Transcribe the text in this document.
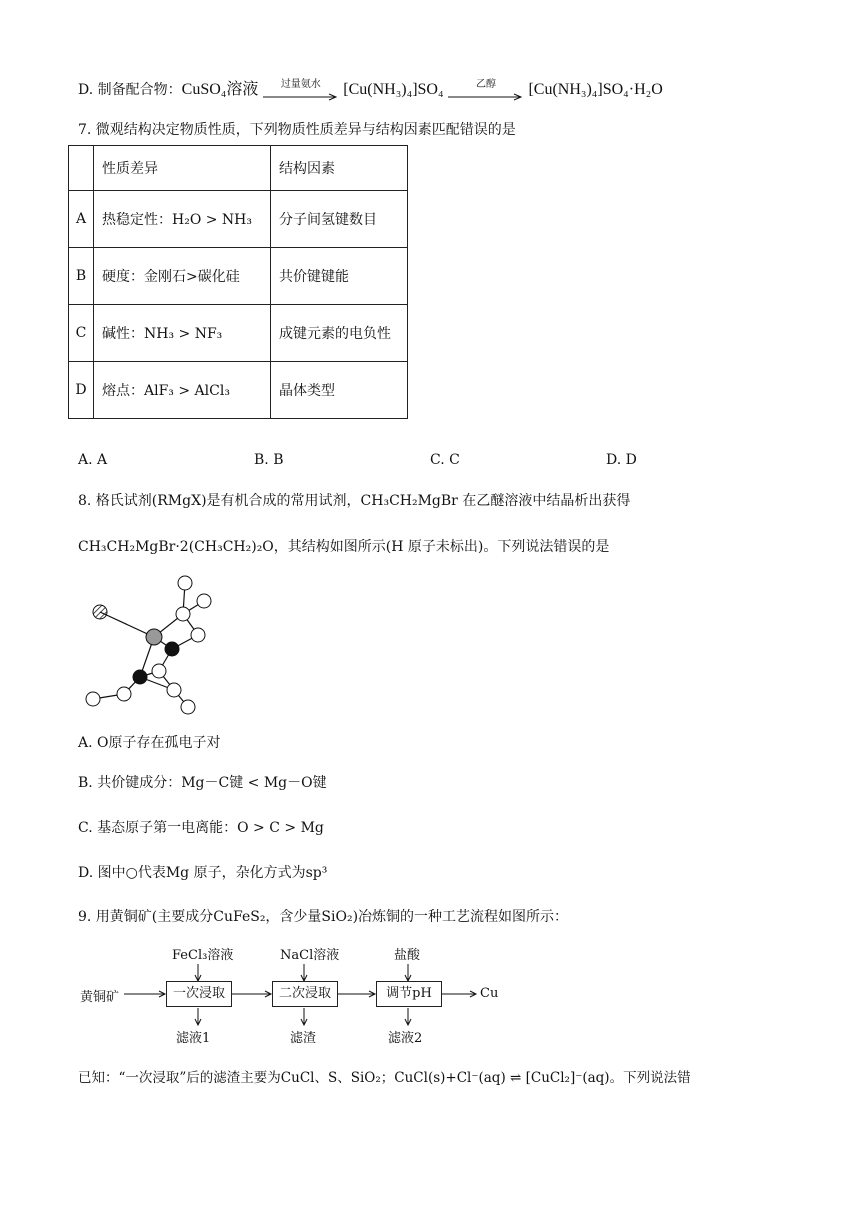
D. 制备配合物：CuSO₄溶液	过量氨水	[Cu(NH₃)₄]SO₄	乙醇	[Cu(NH₃)₄]SO₄·H₂O
7. 微观结构决定物质性质，下列物质性质差异与结构因素匹配错误的是
	性质差异	结构因素
A	热稳定性：H₂O > NH₃	分子间氢键数目
B	硬度：金刚石>碳化硅	共价键键能
C	碱性：NH₃ > NF₃	成键元素的电负性
D	熔点：AlF₃ > AlCl₃	晶体类型
A. A	B. B	C. C	D. D
8. 格氏试剂(RMgX)是有机合成的常用试剂，CH₃CH₂MgBr 在乙醚溶液中结晶析出获得
CH₃CH₂MgBr·2(CH₃CH₂)₂O，其结构如图所示(H 原子未标出)。下列说法错误的是
A. O原子存在孤电子对
B. 共价键成分：Mg－C键 < Mg－O键
C. 基态原子第一电离能：O > C > Mg
D. 图中○代表Mg 原子，杂化方式为sp³
9. 用黄铜矿(主要成分CuFeS₂，含少量SiO₂)冶炼铜的一种工艺流程如图所示：
黄铜矿	一次浸取	二次浸取	调节pH	Cu
FeCl₃溶液	NaCl溶液	盐酸
滤液1	滤渣	滤液2
已知：“一次浸取”后的滤渣主要为CuCl、S、SiO₂；CuCl(s)+Cl⁻(aq) ⇌ [CuCl₂]⁻(aq)。下列说法错
